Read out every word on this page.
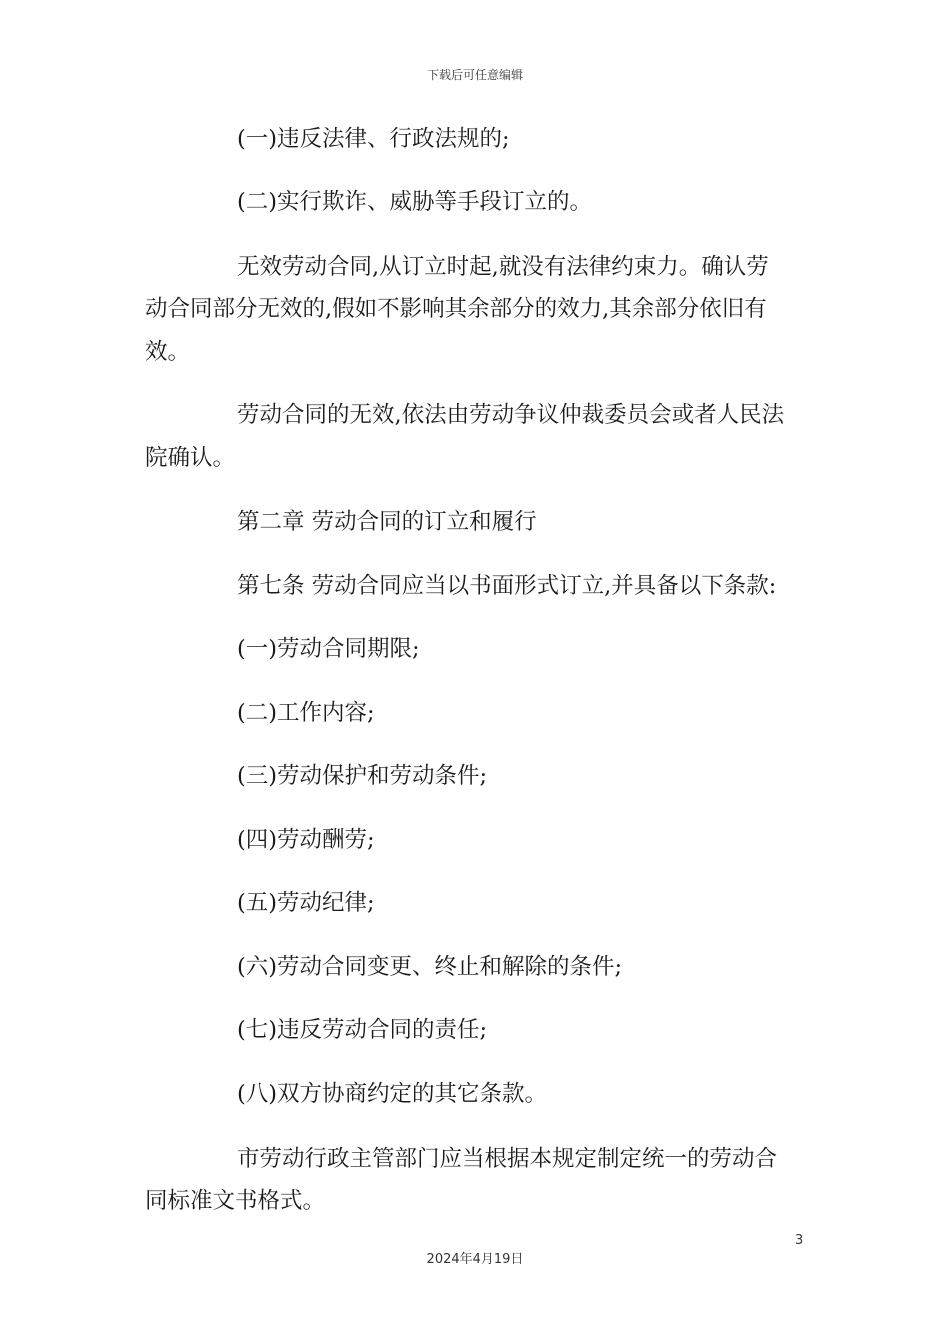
下载后可任意编辑
(一)违反法律、行政法规的;
(二)实行欺诈、威胁等手段订立的。
无效劳动合同,从订立时起,就没有法律约束力。确认劳
动合同部分无效的,假如不影响其余部分的效力,其余部分依旧有
效。
劳动合同的无效,依法由劳动争议仲裁委员会或者人民法
院确认。
第二章 劳动合同的订立和履行
第七条 劳动合同应当以书面形式订立,并具备以下条款:
(一)劳动合同期限;
(二)工作内容;
(三)劳动保护和劳动条件;
(四)劳动酬劳;
(五)劳动纪律;
(六)劳动合同变更、终止和解除的条件;
(七)违反劳动合同的责任;
(八)双方协商约定的其它条款。
市劳动行政主管部门应当根据本规定制定统一的劳动合
同标准文书格式。
3
2024年4月19日
